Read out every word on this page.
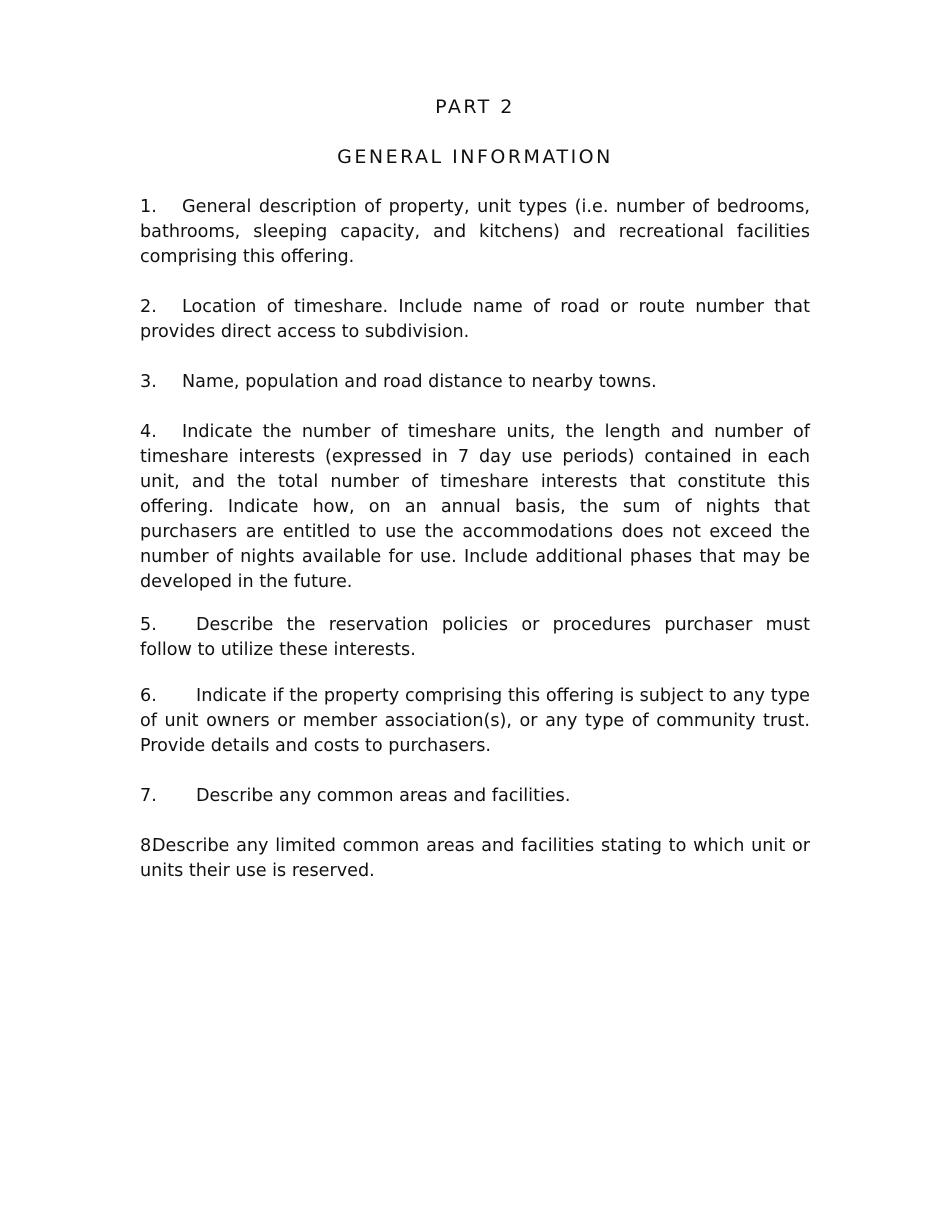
PART 2
GENERAL INFORMATION

1. General description of property, unit types (i.e. number of bedrooms, bathrooms, sleeping capacity, and kitchens) and recreational facilities comprising this offering.

2. Location of timeshare. Include name of road or route number that provides direct access to subdivision.

3. Name, population and road distance to nearby towns.

4. Indicate the number of timeshare units, the length and number of timeshare interests (expressed in 7 day use periods) contained in each unit, and the total number of timeshare interests that constitute this offering. Indicate how, on an annual basis, the sum of nights that purchasers are entitled to use the accommodations does not exceed the number of nights available for use. Include additional phases that may be developed in the future.

5. Describe the reservation policies or procedures purchaser must follow to utilize these interests.

6. Indicate if the property comprising this offering is subject to any type of unit owners or member association(s), or any type of community trust. Provide details and costs to purchasers.

7. Describe any common areas and facilities.

8.Describe any limited common areas and facilities stating to which unit or units their use is reserved.
